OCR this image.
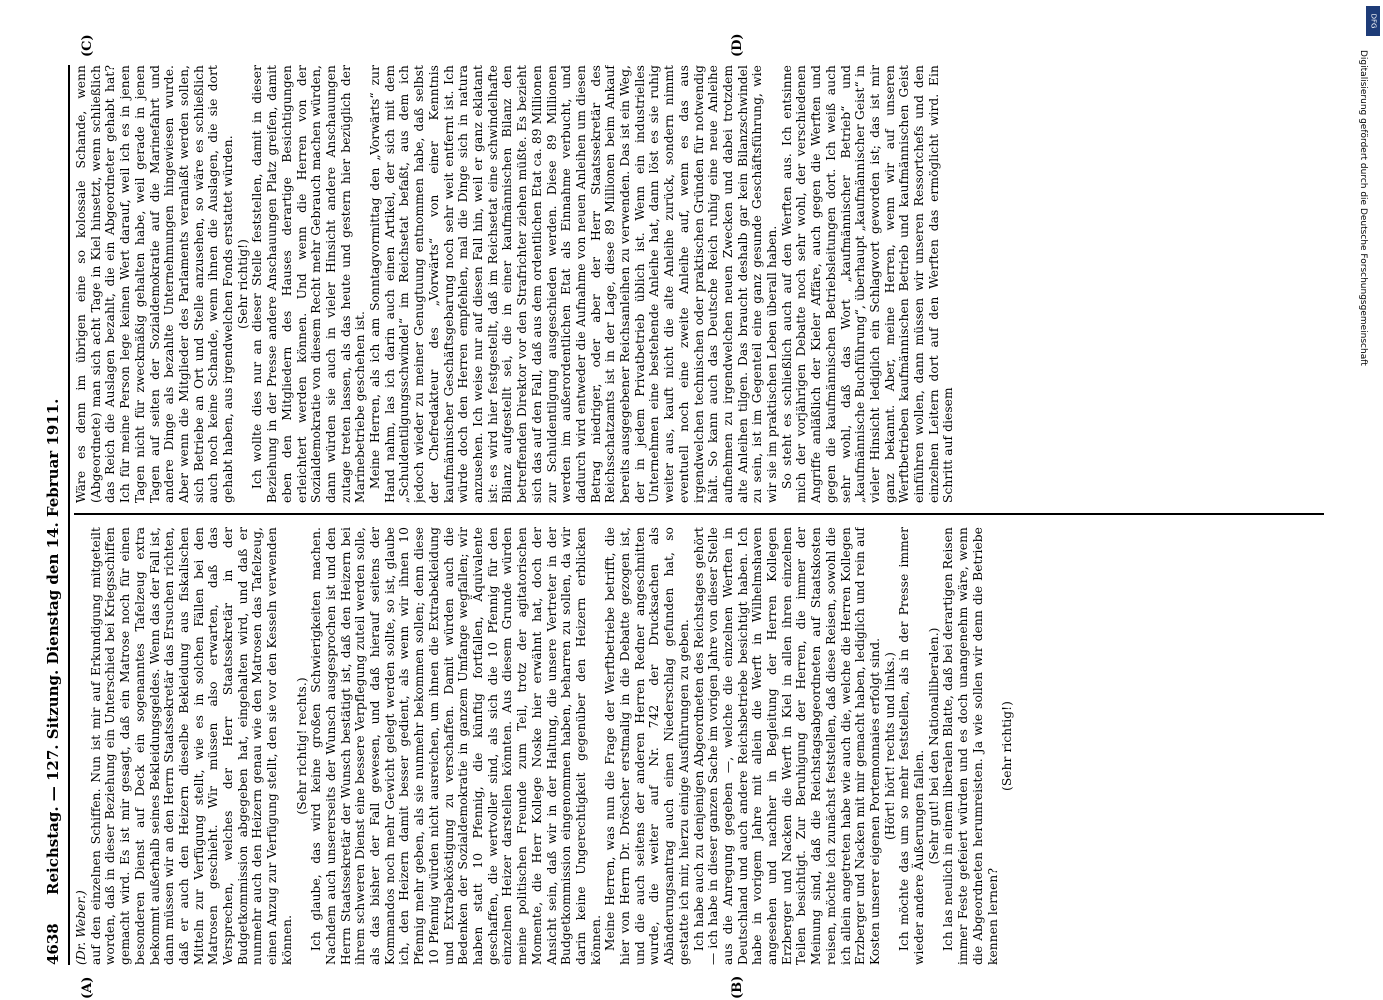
4638
Reichstag. — 127. Sitzung. Dienstag den 14. Februar 1911.
(A)	(B)
(C)	(D)

(Dr. Weber.) auf den einzelnen Schiffen. Nun ist mir auf Erkundigung mitgeteilt worden, daß in dieser Beziehung ein Unterschied bei Kriegsschiffen gemacht wird. Es ist mir gesagt, daß ein Matrose noch für einen besonderen Dienst auf Deck ein sogenanntes Tafelzeug extra bekommt außerhalb seines Bekleidungsgeldes. Wenn das der Fall ist, dann müssen wir an den Herrn Staatssekretär das Ersuchen richten, daß er auch den Heizern dieselbe Bekleidung aus fiskalischen Mitteln zur Verfügung stellt, wie es in solchen Fällen bei den Matrosen geschieht. Wir müssen also erwarten, daß das Versprechen, welches der Herr Staatssekretär in der Budgetkommission abgegeben hat, eingehalten wird, und daß er nunmehr auch den Heizern genau wie den Matrosen das Tafelzeug, einen Anzug zur Verfügung stellt, den sie vor den Kesseln verwenden können.

(Sehr richtig! rechts.) Ich glaube, das wird keine großen Schwierigkeiten machen. Nachdem auch unsererseits der Wunsch ausgesprochen ist und den Herrn Staatssekretär der Wunsch bestätigt ist, daß den Heizern bei ihrem schweren Dienst eine bessere Verpflegung zuteil werden solle, als das bisher der Fall gewesen, und daß hierauf seitens der Kommandos noch mehr Gewicht gelegt werden sollte, so ist, glaube ich, den Heizern damit besser gedient, als wenn wir ihnen 10 Pfennig mehr geben, als sie nunmehr bekommen sollen; denn diese 10 Pfennig würden nicht ausreichen, um ihnen die Extrabekleidung und Extrabeköstigung zu verschaffen. Damit würden auch die Bedenken der Sozialdemokratie in ganzem Umfange wegfallen; wir haben statt 10 Pfennig, die künftig fortfallen, Äquivalente geschaffen, die wertvoller sind, als sich die 10 Pfennig für den einzelnen Heizer darstellen könnten. Aus diesem Grunde würden meine politischen Freunde zum Teil, trotz der agitatorischen Momente, die Herr Kollege Noske hier erwähnt hat, doch der Ansicht sein, daß wir in der Haltung, die unsere Vertreter in der Budgetkommission eingenommen haben, beharren zu sollen, da wir darin keine Ungerechtigkeit gegenüber den Heizern erblicken können. Meine Herren, was nun die Frage der Werftbetriebe betrifft, die hier von Herrn Dr. Dröscher erstmalig in die Debatte gezogen ist, und die auch seitens der anderen Herren Redner angeschnitten wurde, die weiter auf Nr. 742 der Drucksachen als Abänderungsantrag auch einen Niederschlag gefunden hat, so gestatte ich mir, hierzu einige Ausführungen zu geben. Ich habe auch zu denjenigen Abgeordneten des Reichstages gehört — ich habe in dieser ganzen Sache im vorigen Jahre von dieser Stelle aus die Anregung gegeben —, welche die einzelnen Werften in Deutschland und auch andere Reichsbetriebe besichtigt haben. Ich habe in vorigem Jahre mit allein die Werft in Wilhelmshaven angesehen und nachher in Begleitung der Herren Kollegen Erzberger und Nacken die Werft in Kiel in allen ihren einzelnen Teilen besichtigt. Zur Beruhigung der Herren, die immer der Meinung sind, daß die Reichstagsabgeordneten auf Staatskosten reisen, möchte ich zunächst feststellen, daß diese Reisen, sowohl die ich allein angetreten habe wie auch die, welche die Herren Kollegen Erzberger und Nacken mit mir gemacht haben, lediglich und rein auf Kosten unserer eigenen Portemonnaies erfolgt sind. (Hört! hört! rechts und links.) Ich möchte das um so mehr feststellen, als in der Presse immer wieder andere Äußerungen fallen. (Sehr gut! bei den Nationalliberalen.) Ich las neulich in einem liberalen Blatte, daß bei derartigen Reisen immer Feste gefeiert würden und es doch unangenehm wäre, wenn die Abgeordneten herumreisten. Ja wie sollen wir denn die Betriebe kennen lernen?

(Sehr richtig!)

Wäre es denn im übrigen eine so kolossale Schande, wenn (Abgeordnete) man sich acht Tage in Kiel hinsetzt, wenn schließlich das Reich die Auslagen bezahlt, die ein Abgeordneter gehabt hat? Ich für meine Person lege keinen Wert darauf, weil ich es in jenen Tagen nicht für zweckmäßig gehalten habe, weil gerade in jenen Tagen auf seiten der Sozialdemokratie auf die Marinefahrt und andere Dinge als bezahlte Unternehmungen hingewiesen wurde. Aber wenn die Mitglieder des Parlaments veranlaßt werden sollen, sich Betriebe an Ort und Stelle anzusehen, so wäre es schließlich auch noch keine Schande, wenn ihnen die Auslagen, die sie dort gehabt haben, aus irgendwelchen Fonds erstattet würden. (Sehr richtig!) Ich wollte dies nur an dieser Stelle feststellen, damit in dieser Beziehung in der Presse andere Anschauungen Platz greifen, damit eben den Mitgliedern des Hauses derartige Besichtigungen erleichtert werden können. Und wenn die Herren von der Sozialdemokratie von diesem Recht mehr Gebrauch machen würden, dann würden sie auch in vieler Hinsicht andere Anschauungen zutage treten lassen, als das heute und gestern hier bezüglich der Marinebetriebe geschehen ist. Meine Herren, als ich am Sonntagvormittag den „Vorwärts“ zur Hand nahm, las ich darin auch einen Artikel, der sich mit dem „Schuldentilgungsschwindel“ im Reichsetat befaßt, aus dem ich jedoch wieder zu meiner Genugtuung entnommen habe, daß selbst der Chefredakteur des „Vorwärts“ von einer Kenntnis kaufmännischer Geschäftsgebarung noch sehr weit entfernt ist. Ich würde doch den Herren empfehlen, mal die Dinge sich in natura anzusehen. Ich weise nur auf diesen Fall hin, weil er ganz eklatant ist: es wird hier festgestellt, daß im Reichsetat eine schwindelhafte Bilanz aufgestellt sei, die in einer kaufmännischen Bilanz den betreffenden Direktor vor den Strafrichter ziehen müßte. Es bezieht sich das auf den Fall, daß aus dem ordentlichen Etat ca. 89 Millionen zur Schuldentilgung ausgeschieden werden. Diese 89 Millionen werden im außerordentlichen Etat als Einnahme verbucht, und dadurch wird entweder die Aufnahme von neuen Anleihen um diesen Betrag niedriger, oder aber der Herr Staatssekretär des Reichsschatzamts ist in der Lage, diese 89 Millionen beim Ankauf bereits ausgegebener Reichsanleihen zu verwenden. Das ist ein Weg, der in jedem Privatbetrieb üblich ist. Wenn ein industrielles Unternehmen eine bestehende Anleihe hat, dann löst es sie ruhig weiter aus, kauft nicht die alte Anleihe zurück, sondern nimmt eventuell noch eine zweite Anleihe auf, wenn es das aus irgendwelchen technischen oder praktischen Gründen für notwendig hält. So kann auch das Deutsche Reich ruhig eine neue Anleihe aufnehmen zu irgendwelchen neuen Zwecken und dabei trotzdem alte Anleihen tilgen. Das braucht deshalb gar kein Bilanzschwindel zu sein, ist im Gegenteil eine ganz gesunde Geschäftsführung, wie wir sie im praktischen Leben überall haben. So steht es schließlich auch auf den Werften aus. Ich entsinne mich der vorjährigen Debatte noch sehr wohl, der verschiedenen Angriffe anläßlich der Kieler Affäre, auch gegen die Werften und gegen die kaufmännischen Betriebsleitungen dort. Ich weiß auch sehr wohl, daß das Wort „kaufmännischer Betrieb“ und „kaufmännische Buchführung“, überhaupt „kaufmännischer Geist“ in vieler Hinsicht lediglich ein Schlagwort geworden ist; das ist mir ganz bekannt. Aber, meine Herren, wenn wir auf unseren Werftbetrieben kaufmännischen Betrieb und kaufmännischen Geist einführen wollen, dann müssen wir unseren Ressortchefs und den einzelnen Leitern dort auf den Werften das ermöglicht wird. Ein Schritt auf diesem

DFG
Digitalisierung gefördert durch die Deutsche Forschungsgemeinschaft
